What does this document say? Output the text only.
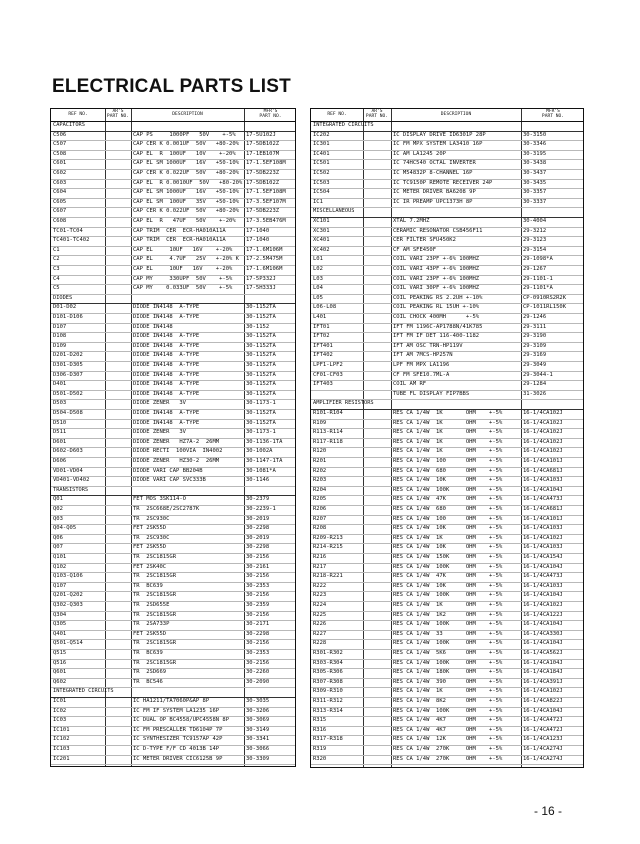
ELECTRICAL PARTS LIST
REF NO.	AR'S
PART NO.	DESCRIPTION	MFR'S
PART NO.
CAPACITORS
C506	CAP PS     1000PF   50V    +-5%	17-5U102J
C507	CAP CER K 0.001UF  50V   +80-20%	17-5DB102Z
C508	CAP EL  R  100UF   10V    +-20%	17-1EB107M
C601	CAP EL SM 1000UF   16V   +50-10%	17-1.5EF108M
C602	CAP CER K 0.022UF  50V   +80-20%	17-5DB223Z
C603	CAP EL  R 0.0010UF  50V   +80-20% 17-5DB102Z
C604	CAP EL SM 1000UF   16V   +50-10%	17-1.5EF108M
C605	CAP EL SM  100UF   35V   +50-10%	17-3.5EF107M
C607	CAP CER K 0.022UF  50V   +80-20%	17-5DB223Z
C608	CAP EL  R   47UF   50V    +-20%	17-3.5EB476M
TC01-TC04	CAP TRIM  CER  ECR-HA010A11A	17-1040
TC401-TC402	CAP TRIM  CER  ECR-HA010A11A	17-1040
C1	CAP EL     10UF   16V    +-20%	17-1.6M106M
C2	CAP EL     4.7UF   25V   +-20% K	17-2.5M475M
C3	CAP EL     10UF   16V    +-20%	17-1.6M106M
C4	CAP MY     330UPF  50V    +-5%	17-5P332J
C5	CAP MY    0.033UF  50V    +-5%	17-5H333J
DIODES
D01-D02	DIODE IN4148  A-TYPE	30-1152TA
D101-D106	DIODE IN4148  A-TYPE	30-1152TA
D107	DIODE IN4148	30-1152
D108	DIODE IN4148  A-TYPE	30-1152TA
D109	DIODE IN4148  A-TYPE	30-1152TA
D201-D202	DIODE IN4148  A-TYPE	30-1152TA
D301-D305	DIODE IN4148  A-TYPE	30-1152TA
D306-D307	DIODE IN4148  A-TYPE	30-1152TA
D401	DIODE IN4148  A-TYPE	30-1152TA
D501-D502	DIODE IN4148  A-TYPE	30-1152TA
D503	DIODE ZENER   3V	30-1173-1
D504-D508	DIODE IN4148  A-TYPE	30-1152TA
D510	DIODE IN4148  A-TYPE	30-1152TA
D511	DIODE ZENER   3V	30-1173-1
D601	DIODE ZENER   HZ7A-2  26MM	30-1136-1TA
D602-D603	DIODE RECTI  100VIA  IN4002	30-1002A
D606	DIODE ZENER   HZ30-2  26MM	30-1147-1TA
VD01-VD04	DIODE VARI CAP BB204B	30-1081*A
VD401-VD402	DIODE VARI CAP SVC333B	30-1146
TRANSISTORS
Q01	FET MOS 3SK114-O	30-2379
Q02	TR  2SC668E/2SC2787K	30-2239-1
Q03	TR  2SC930C	30-2019
Q04-Q05	FET 2SK55D	30-2298
Q06	TR  2SC930C	30-2019
Q07	FET 2SK55D	30-2298
Q101	TR  2SC1815GR	30-2156
Q102	FET 2SK40C	30-2161
Q103-Q106	TR  2SC1815GR	30-2156
Q107	TR  BC639	30-2353
Q201-Q202	TR  2SC1815GR	30-2156
Q302-Q303	TR  2SD655E	30-2359
Q304	TR  2SC1815GR	30-2156
Q305	TR  2SA733P	30-2171
Q401	FET 2SK55D	30-2298
Q501-Q514	TR  2SC1815GR	30-2156
Q515	TR  BC639	30-2353
Q516	TR  2SC1815GR	30-2156
Q601	TR  2SD669	30-2260
Q602	TR  BC546	30-2090
INTEGRATED CIRCUITS
IC01	IC HA1211/TA7060P&AP 8P	30-3035
IC02	IC FM IF SYSTEM LA1235 16P	30-3206
IC03	IC DUAL OP BC4558/UPC4558N 8P	30-3069
IC101	IC FM PRESCALLER TD6104P 7P	30-3149
IC102	IC SYNTHESIZER TC9157AP 42P	30-3341
IC103	IC D-TYPE F/F CD 4013B 14P	30-3066
IC201	IC METER DRIVER CIC6125B 9P	30-3309
REF NO.	AR'S
PART NO.	DESCRIPTION	MFR'S
PART NO.
INTEGRATED CIRCUITS
IC202	IC DISPLAY DRIVE ID6301P 28P	30-3150
IC301	IC FM MPX SYSTEM LA3410 16P	30-3346
IC401	IC AM LA1245 20P	30-3195
IC501	IC 74HC540 OCTAL INVERTER	30-3438
IC502	IC M54832P 8-CHANNEL 16P	30-3437
IC503	IC TC9150P REMOTE RECEIVER 24P	30-3435
IC504	IC METER DRIVER BA6208 9P	30-3357
IC1	IC IR PREAMP UPC1373H 8P	30-3337
MISCELLANEOUS
XC101	XTAL 7.2MHZ	30-4004
XC301	CERAMIC RESONATOR CSB456F11	29-3212
XC401	CER FILTER SFU450K2	29-3123
XC402	CF AM SFE450F	29-3154
L01	COIL VARI 23PF +-6% 100MHZ	29-1098*A
L02	COIL VARI 43PF +-6% 100MHZ	29-1267
L03	COIL VARI 23PF +-6% 100MHZ	29-1101-1
L04	COIL VARI 30PF +-6% 100MHZ	29-1101*A
L05	COIL PEAKING RS 2.2UH +-10%	CP-0910RS2R2K
L06-L08	COIL PEAKING RL 15UH +-10%	CP-1011RL150K
L401	COIL CHOCK 400MH      +-5%	29-1246
IFT01	IFT FM 1196C-AP1788N/41K785	29-3111
IFT02	IFT FM IF DET 116-400-1182	29-3190
IFT401	IFT AM OSC TRN-HP119V	29-3109
IFT402	IFT AM 7MCS-HP257N	29-3169
LPF1-LPF2	LPF FM MPX LA1196	29-3049
CF01-CF03	CF FM SFE10.7ML-A	29-3044-1
IFT403	COIL AM RF	29-1284
TUBE FL DISPLAY FIP7BBS	31-3026
AMPLIFIER RESISTORS
R101-R104	RES CA 1/4W  1K       OHM    +-5%	16-1/4CA102J
R109	RES CA 1/4W  1K       OHM    +-5%	16-1/4CA102J
R113-R114	RES CA 1/4W  1K       OHM    +-5%	16-1/4CA102J
R117-R118	RES CA 1/4W  1K       OHM    +-5%	16-1/4CA102J
R120	RES CA 1/4W  1K       OHM    +-5%	16-1/4CA102J
R201	RES CA 1/4W  100      OHM    +-5%	16-1/4CA101J
R202	RES CA 1/4W  680      OHM    +-5%	16-1/4CA681J
R203	RES CA 1/4W  10K      OHM    +-5%	16-1/4CA103J
R204	RES CA 1/4W  100K     OHM    +-5%	16-1/4CA104J
R205	RES CA 1/4W  47K      OHM    +-5%	16-1/4CA473J
R206	RES CA 1/4W  680      OHM    +-5%	16-1/4CA681J
R207	RES CA 1/4W  100      OHM    +-5%	16-1/4CA101J
R208	RES CA 1/4W  10K      OHM    +-5%	16-1/4CA103J
R209-R213	RES CA 1/4W  1K       OHM    +-5%	16-1/4CA102J
R214-R215	RES CA 1/4W  10K      OHM    +-5%	16-1/4CA103J
R216	RES CA 1/4W  150K     OHM    +-5%	16-1/4CA154J
R217	RES CA 1/4W  100K     OHM    +-5%	16-1/4CA104J
R218-R221	RES CA 1/4W  47K      OHM    +-5%	16-1/4CA473J
R222	RES CA 1/4W  10K      OHM    +-5%	16-1/4CA103J
R223	RES CA 1/4W  100K     OHM    +-5%	16-1/4CA104J
R224	RES CA 1/4W  1K       OHM    +-5%	16-1/4CA102J
R225	RES CA 1/4W  1K2      OHM    +-5%	16-1/4CA122J
R226	RES CA 1/4W  100K     OHM    +-5%	16-1/4CA104J
R227	RES CA 1/4W  33       OHM    +-5%	16-1/4CA330J
R228	RES CA 1/4W  100K     OHM    +-5%	16-1/4CA104J
R301-R302	RES CA 1/4W  5K6      OHM    +-5%	16-1/4CA562J
R303-R304	RES CA 1/4W  100K     OHM    +-5%	16-1/4CA104J
R305-R306	RES CA 1/4W  180K     OHM    +-5%	16-1/4CA184J
R307-R308	RES CA 1/4W  390      OHM    +-5%	16-1/4CA391J
R309-R310	RES CA 1/4W  1K       OHM    +-5%	16-1/4CA102J
R311-R312	RES CA 1/4W  8K2      OHM    +-5%	16-1/4CA822J
R313-R314	RES CA 1/4W  100K     OHM    +-5%	16-1/4CA104J
R315	RES CA 1/4W  4K7      OHM    +-5%	16-1/4CA472J
R316	RES CA 1/4W  4K7      OHM    +-5%	16-1/4CA472J
R317-R318	RES CA 1/4W  12K      OHM    +-5%	16-1/4CA123J
R319	RES CA 1/4W  270K     OHM    +-5%	16-1/4CA274J
R320	RES CA 1/4W  270K     OHM    +-5%	16-1/4CA274J
- 16 -
